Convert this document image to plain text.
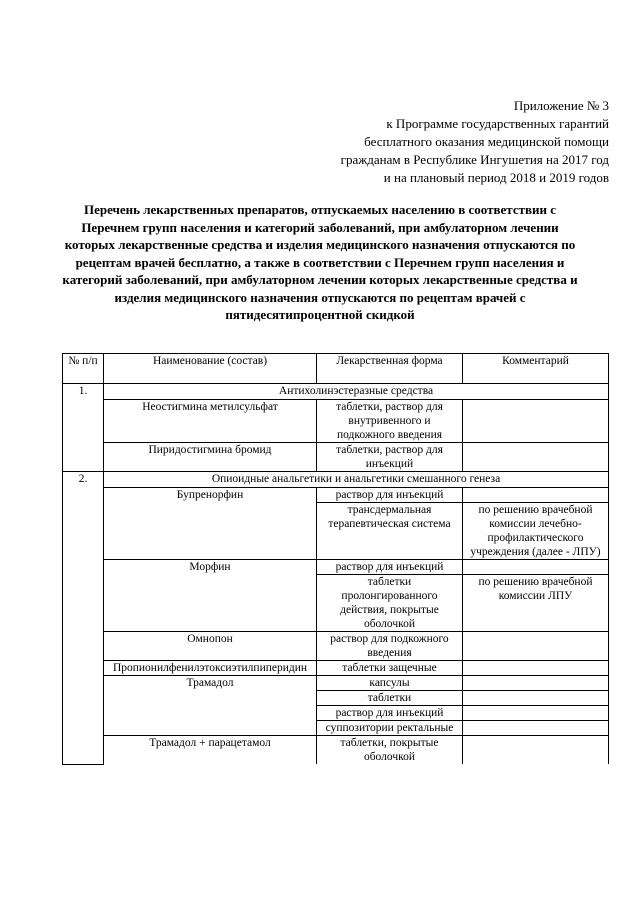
Приложение № 3
к Программе государственных гарантий
бесплатного оказания медицинской помощи
гражданам в Республике Ингушетия на 2017 год
и на плановый период 2018 и 2019 годов
Перечень лекарственных препаратов, отпускаемых населению в соответствии с Перечнем групп населения и категорий заболеваний, при амбулаторном лечении которых лекарственные средства и изделия медицинского назначения отпускаются по рецептам врачей бесплатно, а также в соответствии с Перечнем групп населения и категорий заболеваний, при амбулаторном лечении которых лекарственные средства и изделия медицинского назначения отпускаются по рецептам врачей с пятидесятипроцентной скидкой
№ п/п	Наименование (состав)	Лекарственная форма	Комментарий
1.	Антихолинэстеразные средства		
	Неостигмина метилсульфат	таблетки, раствор для внутривенного и подкожного введения	
	Пиридостигмина бромид	таблетки, раствор для инъекций	
2.	Опиоидные анальгетики и анальгетики смешанного генеза		
	Бупренорфин	раствор для инъекций	
		трансдермальная терапевтическая система	по решению врачебной комиссии лечебно-профилактического учреждения (далее - ЛПУ)
	Морфин	раствор для инъекций	
		таблетки пролонгированного действия, покрытые оболочкой	по решению врачебной комиссии ЛПУ
	Омнопон	раствор для подкожного введения	
	Пропионилфенилэтоксиэтилпиперидин	таблетки защечные	
	Трамадол	капсулы	
		таблетки	
		раствор для инъекций	
		суппозитории ректальные	
	Трамадол + парацетамол	таблетки, покрытые оболочкой	
